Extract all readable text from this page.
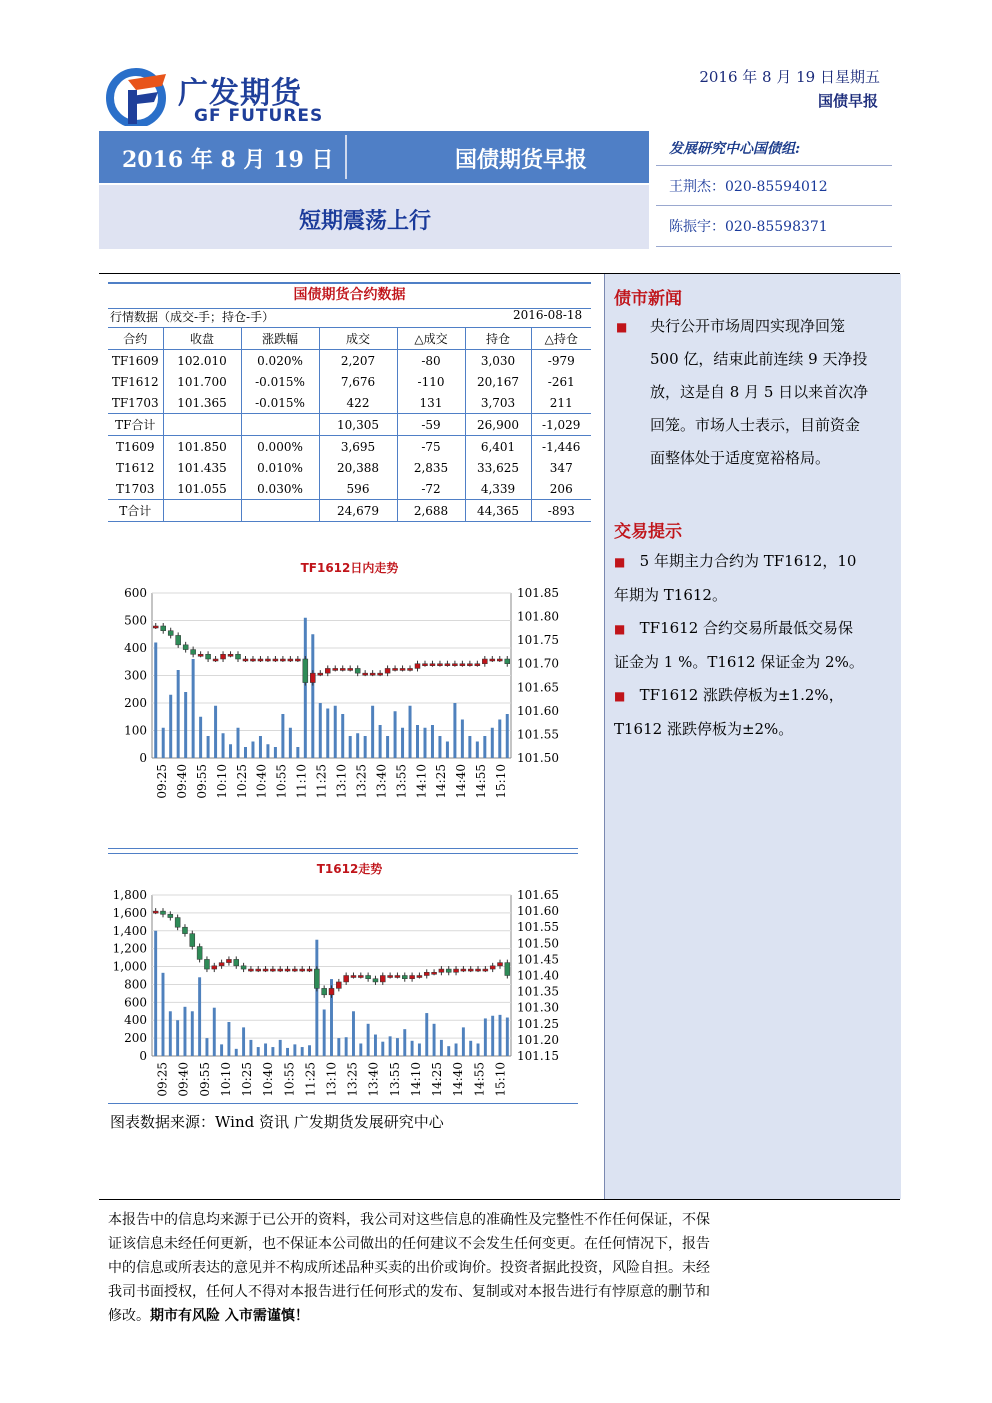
广发期货
GF FUTURES
2016 年 8 月 19 日星期五
国债早报
2016 年 8 月 19 日	国债期货早报
短期震荡上行
发展研究中心国债组:
王荆杰：020-85594012
陈振宇：020-85598371
国债期货合约数据
行情数据（成交-手；持仓-手）	2016-08-18
合约	收盘	涨跌幅	成交	△成交	持仓	△持仓
TF1609	102.010	0.020%	2,207	-80	3,030	-979
TF1612	101.700	-0.015%	7,676	-110	20,167	-261
TF1703	101.365	-0.015%	422	131	3,703	211
TF合计			10,305	-59	26,900	-1,029
T1609	101.850	0.000%	3,695	-75	6,401	-1,446
T1612	101.435	0.010%	20,388	2,835	33,625	347
T1703	101.055	0.030%	596	-72	4,339	206
T合计			24,679	2,688	44,365	-893
TF1612日内走势
0
100
200
300
400
500
600
101.50
101.55
101.60
101.65
101.70
101.75
101.80
101.85
09:25 09:40 09:55 10:10 10:25 10:40 10:55 11:10 11:25 13:10 13:25 13:40 13:55 14:10 14:25 14:40 14:55 15:10
T1612走势
0
200
400
600
800
1,000
1,200
1,400
1,600
1,800
101.15
101.20
101.25
101.30
101.35
101.40
101.45
101.50
101.55
101.60
101.65
09:25 09:40 09:55 10:10 10:25 10:40 10:55 11:25 13:10 13:25 13:40 13:55 14:10 14:25 14:40 14:55 15:10
图表数据来源：Wind 资讯 广发期货发展研究中心
债市新闻
■ 央行公开市场周四实现净回笼
500 亿，结束此前连续 9 天净投
放，这是自 8 月 5 日以来首次净
回笼。市场人士表示，目前资金
面整体处于适度宽裕格局。
交易提示
■ 5 年期主力合约为 TF1612，10
年期为 T1612。
■ TF1612 合约交易所最低交易保
证金为 1 %。T1612 保证金为 2%。
■ TF1612 涨跌停板为±1.2%，
T1612 涨跌停板为±2%。
本报告中的信息均来源于已公开的资料，我公司对这些信息的准确性及完整性不作任何保证，不保
证该信息未经任何更新，也不保证本公司做出的任何建议不会发生任何变更。在任何情况下，报告
中的信息或所表达的意见并不构成所述品种买卖的出价或询价。投资者据此投资，风险自担。未经
我司书面授权，任何人不得对本报告进行任何形式的发布、复制或对本报告进行有悖原意的删节和
修改。期市有风险 入市需谨慎！
